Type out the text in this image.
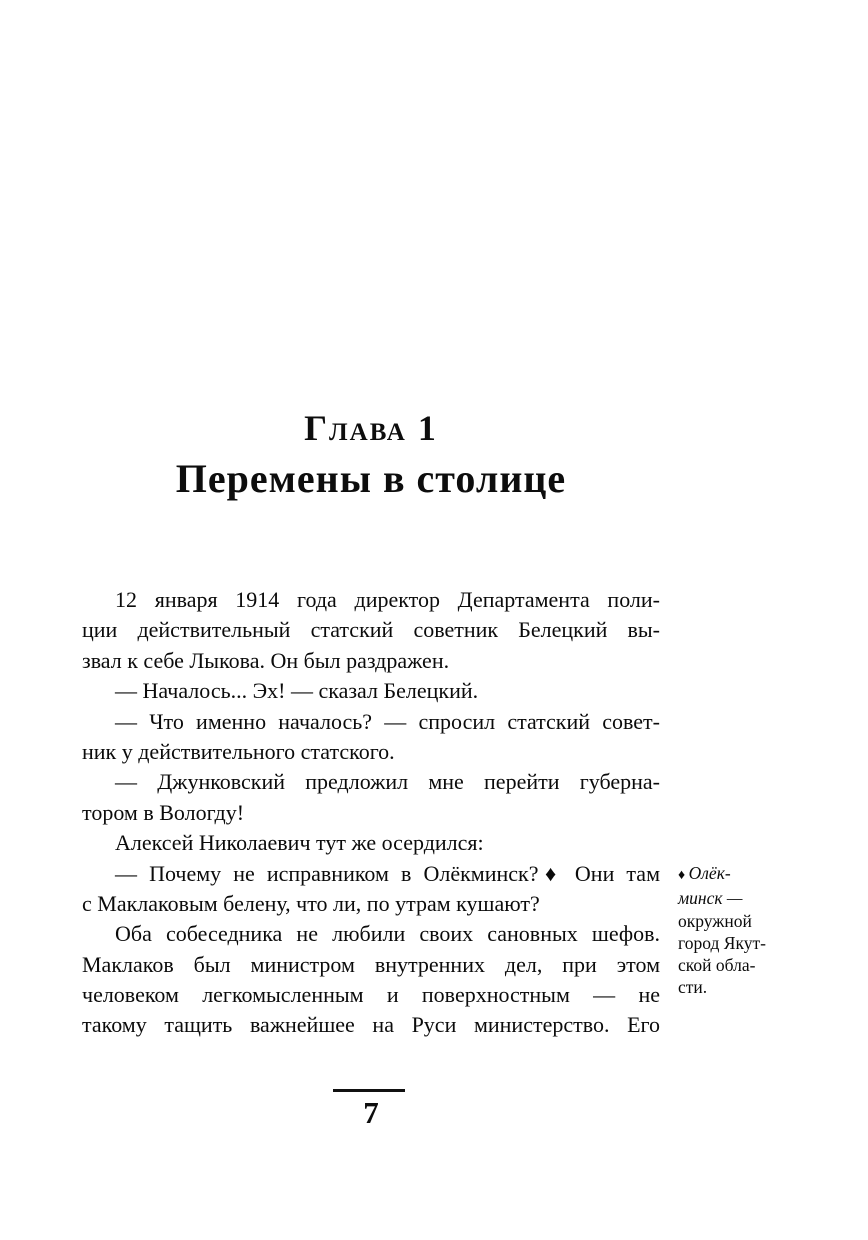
Глава 1
Перемены в столице
12 января 1914 года директор Департамента поли-
ции действительный статский советник Белецкий вы-
звал к себе Лыкова. Он был раздражен.
— Началось... Эх! — сказал Белецкий.
— Что именно началось? — спросил статский совет-
ник у действительного статского.
— Джунковский предложил мне перейти губерна-
тором в Вологду!
Алексей Николаевич тут же осердился:
— Почему не исправником в Олёкминск?♦ Они там
с Маклаковым белену, что ли, по утрам кушают?
Оба собеседника не любили своих сановных шефов.
Маклаков был министром внутренних дел, при этом
человеком легкомысленным и поверхностным — не
такому тащить важнейшее на Руси министерство. Его
♦ Олёк-
минск —
окружной
город Якут-
ской обла-
сти.
7
